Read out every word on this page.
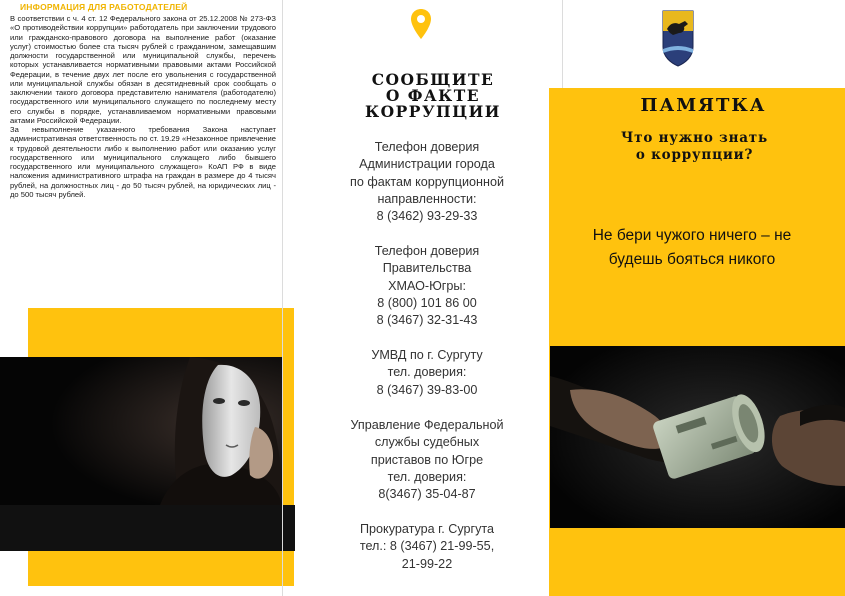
ИНФОРМАЦИЯ ДЛЯ РАБОТОДАТЕЛЕЙ

В соответствии с ч. 4 ст. 12 Федерального закона от 25.12.2008 № 273-ФЗ «О противодействии коррупции» работодатель при заключении трудового или гражданско-правового договора на выполнение работ (оказание услуг) стоимостью более ста тысяч рублей с гражданином, замещавшим должности государственной или муниципальной службы, перечень которых устанавливается нормативными правовыми актами Российской Федерации, в течение двух лет после его увольнения с государственной или муниципальной службы обязан в десятидневный срок сообщать о заключении такого договора представителю нанимателя (работодателю) государственного или муниципального служащего по последнему месту его службы в порядке, устанавливаемом нормативными правовыми актами Российской Федерации.

За невыполнение указанного требования Закона наступает административная ответственность по ст. 19.29 «Незаконное привлечение к трудовой деятельности либо к выполнению работ или оказанию услуг государственного или муниципального служащего либо бывшего государственного или муниципального служащего» КоАП РФ в виде наложения административного штрафа на граждан в размере до 4 тысяч рублей, на должностных лиц - до 50 тысяч рублей, на юридических лиц - до 500 тысяч рублей.

СООБЩИТЕ
О ФАКТЕ
КОРРУПЦИИ
Телефон доверия
Администрации города
по фактам коррупционной
направленности:
8 (3462) 93-29-33
Телефон доверия
Правительства
ХМАО-Югры:
8 (800) 101 86 00
8 (3467) 32-31-43
УМВД по г. Сургуту
тел. доверия:
8 (3467) 39-83-00
Управление Федеральной
службы судебных
приставов по Югре
тел. доверия:
8(3467) 35-04-87
Прокуратура г. Сургута
тел.: 8 (3467) 21-99-55,
21-99-22
ПАМЯТКА
Что нужно знать
о коррупции?
Не бери чужого ничего – не
будешь бояться никого
